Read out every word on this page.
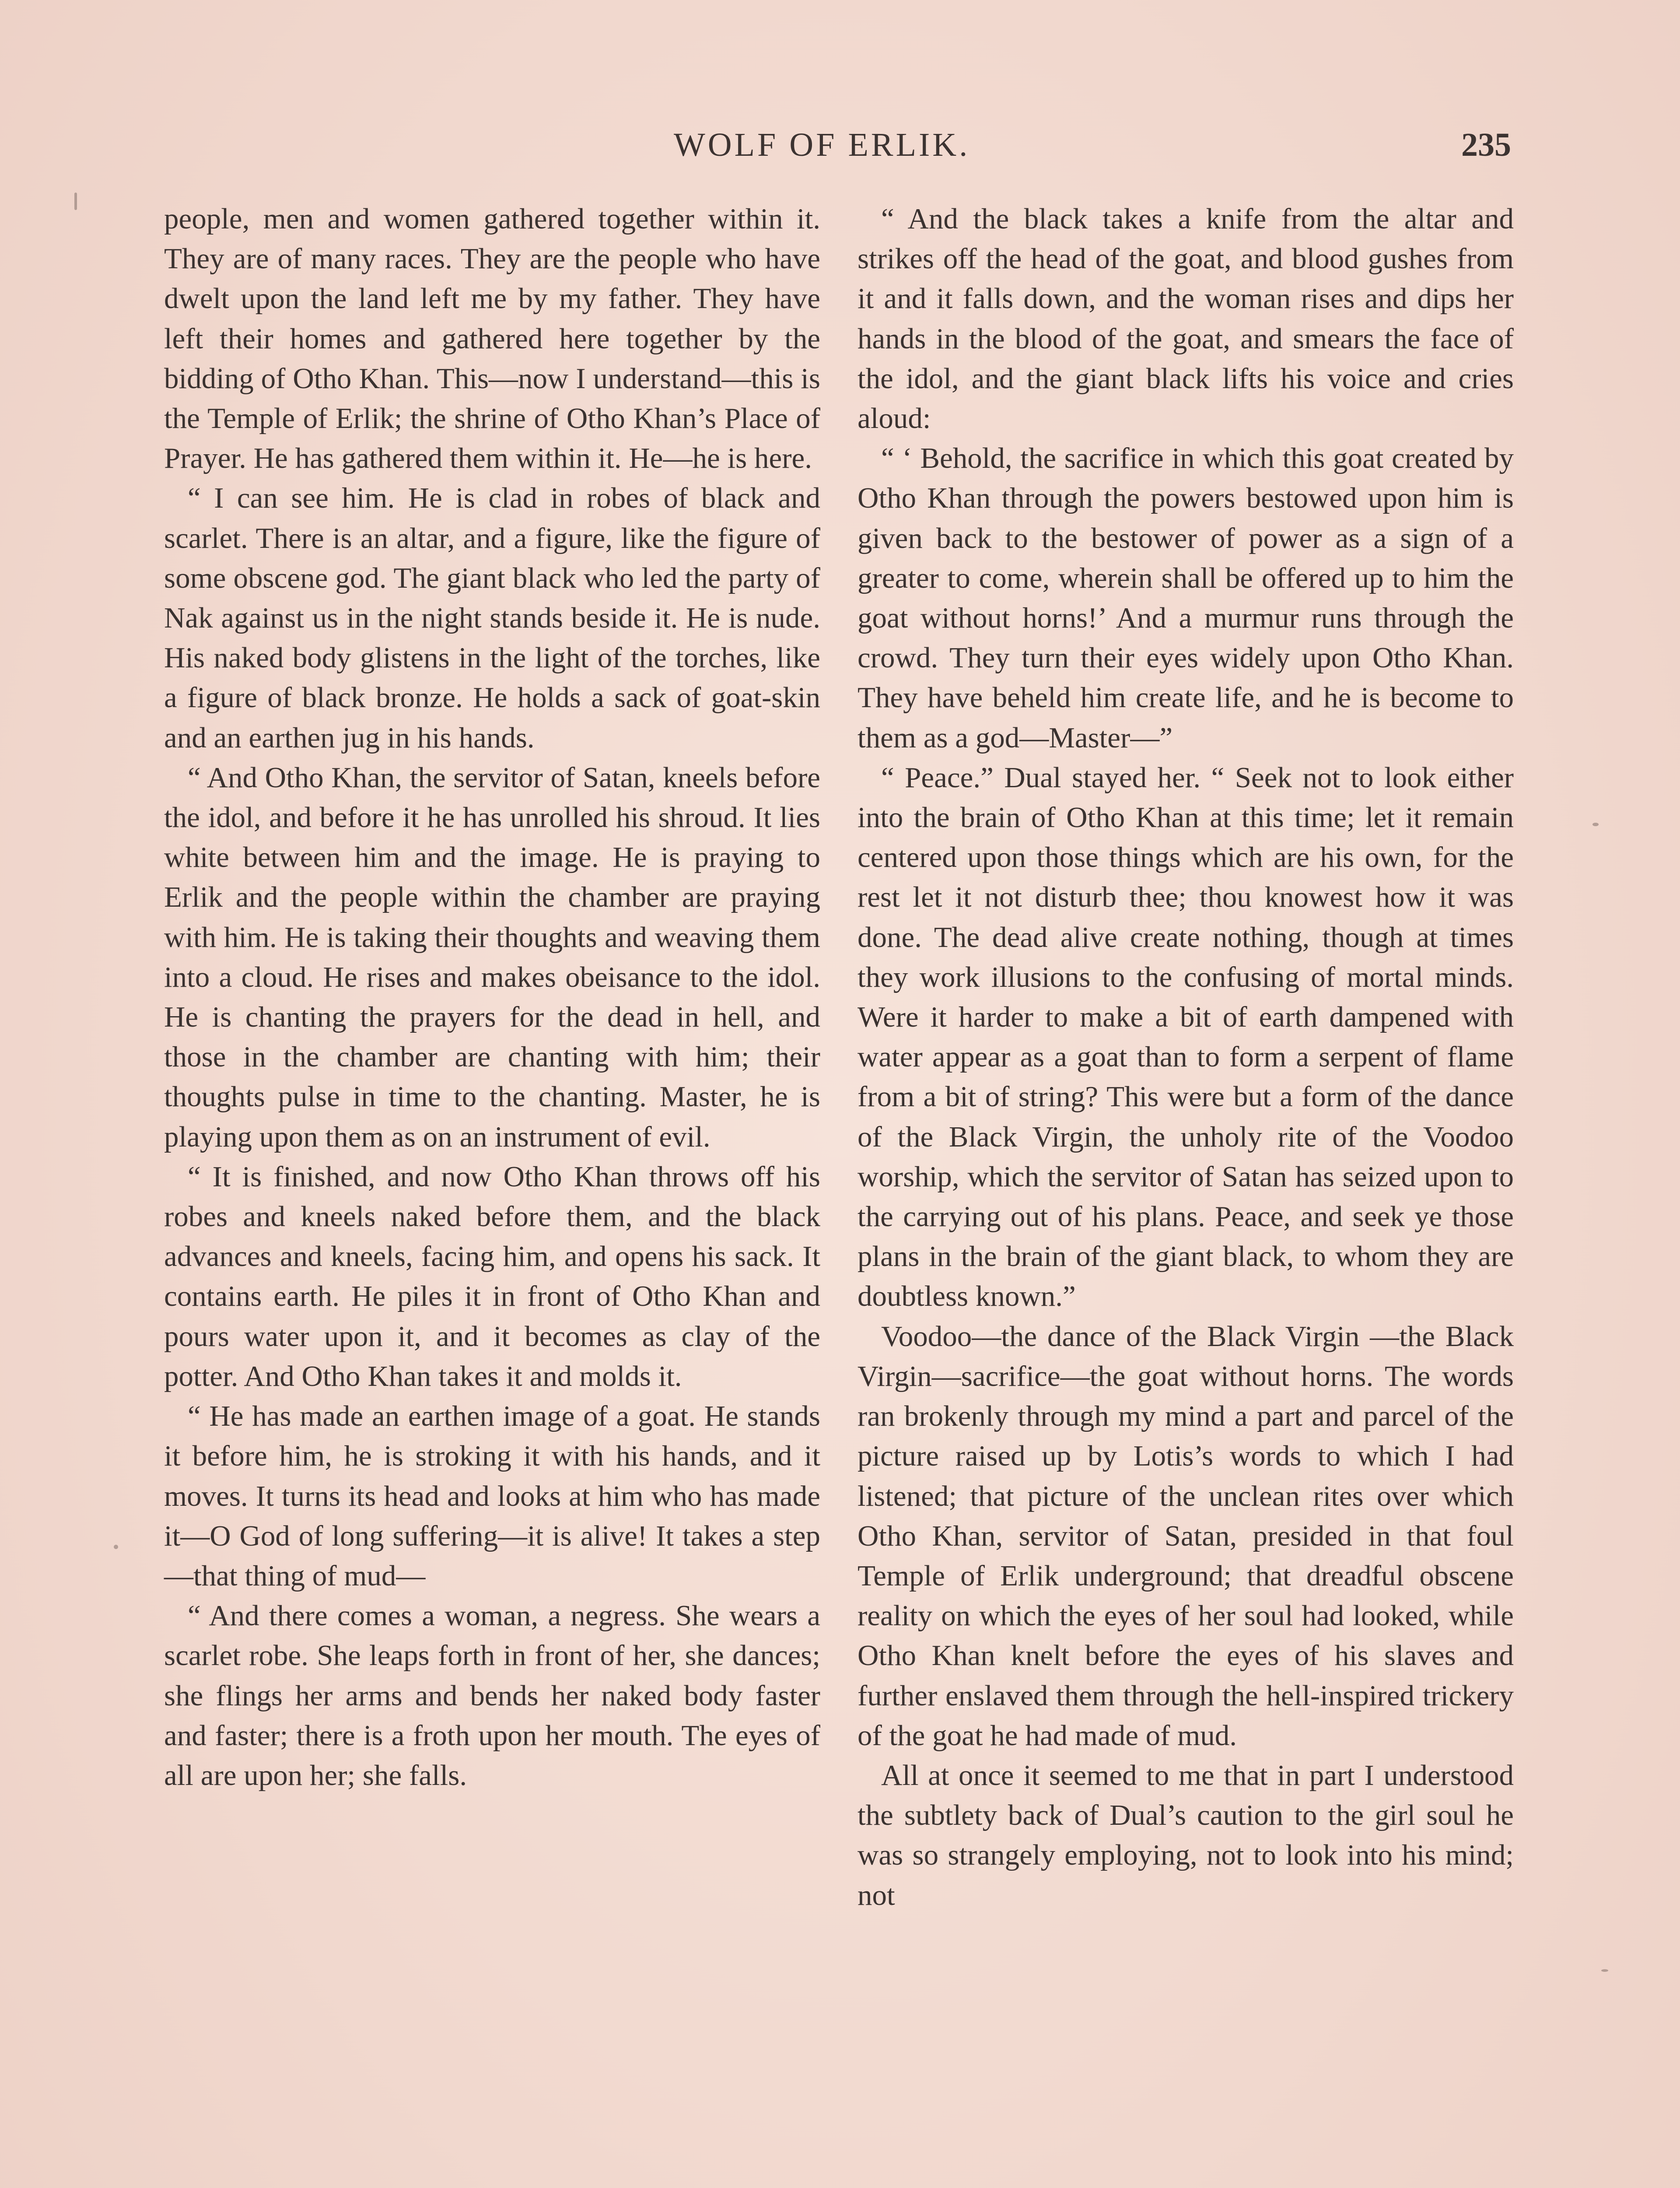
WOLF OF ERLIK.	235

people, men and women gathered together within it. They are of many races. They are the people who have dwelt upon the land left me by my father. They have left their homes and gathered here together by the bidding of Otho Khan. This—now I understand—this is the Temple of Erlik; the shrine of Otho Khan’s Place of Prayer. He has gathered them within it. He—he is here.

“ I can see him. He is clad in robes of black and scarlet. There is an altar, and a figure, like the figure of some obscene god. The giant black who led the party of Nak against us in the night stands beside it. He is nude. His naked body glistens in the light of the torches, like a figure of black bronze. He holds a sack of goat-skin and an earthen jug in his hands.

“ And Otho Khan, the servitor of Satan, kneels before the idol, and before it he has unrolled his shroud. It lies white between him and the image. He is praying to Erlik and the people within the chamber are praying with him. He is taking their thoughts and weaving them into a cloud. He rises and makes obeisance to the idol. He is chanting the prayers for the dead in hell, and those in the chamber are chanting with him; their thoughts pulse in time to the chanting. Master, he is playing upon them as on an instrument of evil.

“ It is finished, and now Otho Khan throws off his robes and kneels naked before them, and the black advances and kneels, facing him, and opens his sack. It contains earth. He piles it in front of Otho Khan and pours water upon it, and it becomes as clay of the potter. And Otho Khan takes it and molds it.

“ He has made an earthen image of a goat. He stands it before him, he is stroking it with his hands, and it moves. It turns its head and looks at him who has made it—O God of long suffering—it is alive! It takes a step—that thing of mud—

“ And there comes a woman, a negress. She wears a scarlet robe. She leaps forth in front of her, she dances; she flings her arms and bends her naked body faster and faster; there is a froth upon her mouth. The eyes of all are upon her; she falls.

“ And the black takes a knife from the altar and strikes off the head of the goat, and blood gushes from it and it falls down, and the woman rises and dips her hands in the blood of the goat, and smears the face of the idol, and the giant black lifts his voice and cries aloud:

“ ‘ Behold, the sacrifice in which this goat created by Otho Khan through the powers bestowed upon him is given back to the bestower of power as a sign of a greater to come, wherein shall be offered up to him the goat without horns!’ And a murmur runs through the crowd. They turn their eyes widely upon Otho Khan. They have beheld him create life, and he is become to them as a god—Master—”

“ Peace.” Dual stayed her. “ Seek not to look either into the brain of Otho Khan at this time; let it remain centered upon those things which are his own, for the rest let it not disturb thee; thou knowest how it was done. The dead alive create nothing, though at times they work illusions to the confusing of mortal minds. Were it harder to make a bit of earth dampened with water appear as a goat than to form a serpent of flame from a bit of string? This were but a form of the dance of the Black Virgin, the unholy rite of the Voodoo worship, which the servitor of Satan has seized upon to the carrying out of his plans. Peace, and seek ye those plans in the brain of the giant black, to whom they are doubtless known.”

Voodoo—the dance of the Black Virgin —the Black Virgin—sacrifice—the goat without horns. The words ran brokenly through my mind a part and parcel of the picture raised up by Lotis’s words to which I had listened; that picture of the unclean rites over which Otho Khan, servitor of Satan, presided in that foul Temple of Erlik underground; that dreadful obscene reality on which the eyes of her soul had looked, while Otho Khan knelt before the eyes of his slaves and further enslaved them through the hell-inspired trickery of the goat he had made of mud.

All at once it seemed to me that in part I understood the subtlety back of Dual’s caution to the girl soul he was so strangely employing, not to look into his mind; not
